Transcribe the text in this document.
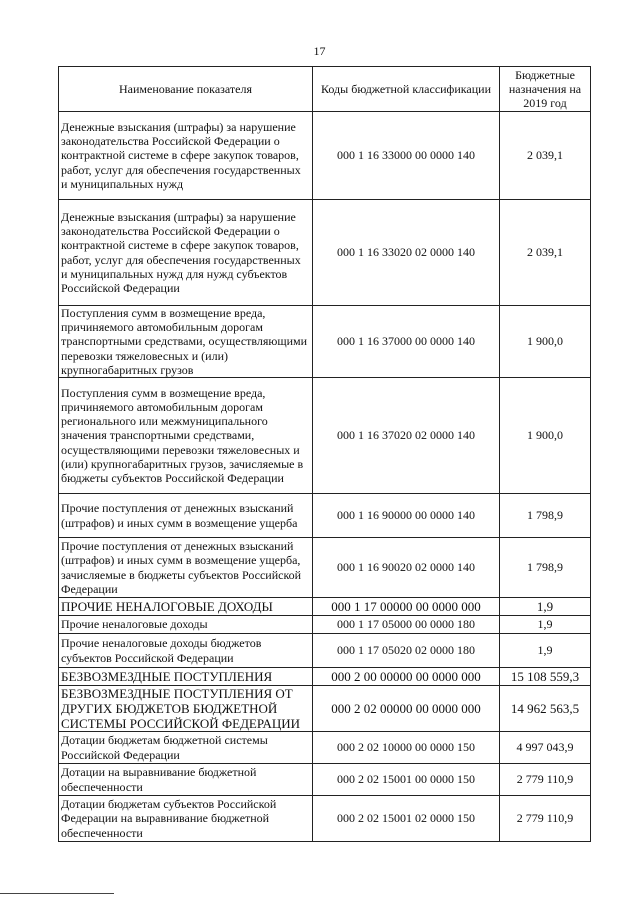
17
Наименование показателя	Коды бюджетной классификации	Бюджетные назначения на 2019 год
Денежные взыскания (штрафы) за нарушение законодательства Российской Федерации о контрактной системе в сфере закупок товаров, работ, услуг для обеспечения государственных и муниципальных нужд	000 1 16 33000 00 0000 140	2 039,1
Денежные взыскания (штрафы) за нарушение законодательства Российской Федерации о контрактной системе в сфере закупок товаров, работ, услуг для обеспечения государственных и муниципальных нужд для нужд субъектов Российской Федерации	000 1 16 33020 02 0000 140	2 039,1
Поступления сумм в возмещение вреда, причиняемого автомобильным дорогам транспортными средствами, осуществляющими перевозки тяжеловесных и (или) крупногабаритных грузов	000 1 16 37000 00 0000 140	1 900,0
Поступления сумм в возмещение вреда, причиняемого автомобильным дорогам регионального или межмуниципального значения транспортными средствами, осуществляющими перевозки тяжеловесных и (или) крупногабаритных грузов, зачисляемые в бюджеты субъектов Российской Федерации	000 1 16 37020 02 0000 140	1 900,0
Прочие поступления от денежных взысканий (штрафов) и иных сумм в возмещение ущерба	000 1 16 90000 00 0000 140	1 798,9
Прочие поступления от денежных взысканий (штрафов) и иных сумм в возмещение ущерба, зачисляемые в бюджеты субъектов Российской Федерации	000 1 16 90020 02 0000 140	1 798,9
ПРОЧИЕ НЕНАЛОГОВЫЕ ДОХОДЫ	000 1 17 00000 00 0000 000	1,9
Прочие неналоговые доходы	000 1 17 05000 00 0000 180	1,9
Прочие неналоговые доходы бюджетов субъектов Российской Федерации	000 1 17 05020 02 0000 180	1,9
БЕЗВОЗМЕЗДНЫЕ ПОСТУПЛЕНИЯ	000 2 00 00000 00 0000 000	15 108 559,3
БЕЗВОЗМЕЗДНЫЕ ПОСТУПЛЕНИЯ ОТ ДРУГИХ БЮДЖЕТОВ БЮДЖЕТНОЙ СИСТЕМЫ РОССИЙСКОЙ ФЕДЕРАЦИИ	000 2 02 00000 00 0000 000	14 962 563,5
Дотации бюджетам бюджетной системы Российской Федерации	000 2 02 10000 00 0000 150	4 997 043,9
Дотации на выравнивание бюджетной обеспеченности	000 2 02 15001 00 0000 150	2 779 110,9
Дотации бюджетам субъектов Российской Федерации на выравнивание бюджетной обеспеченности	000 2 02 15001 02 0000 150	2 779 110,9
